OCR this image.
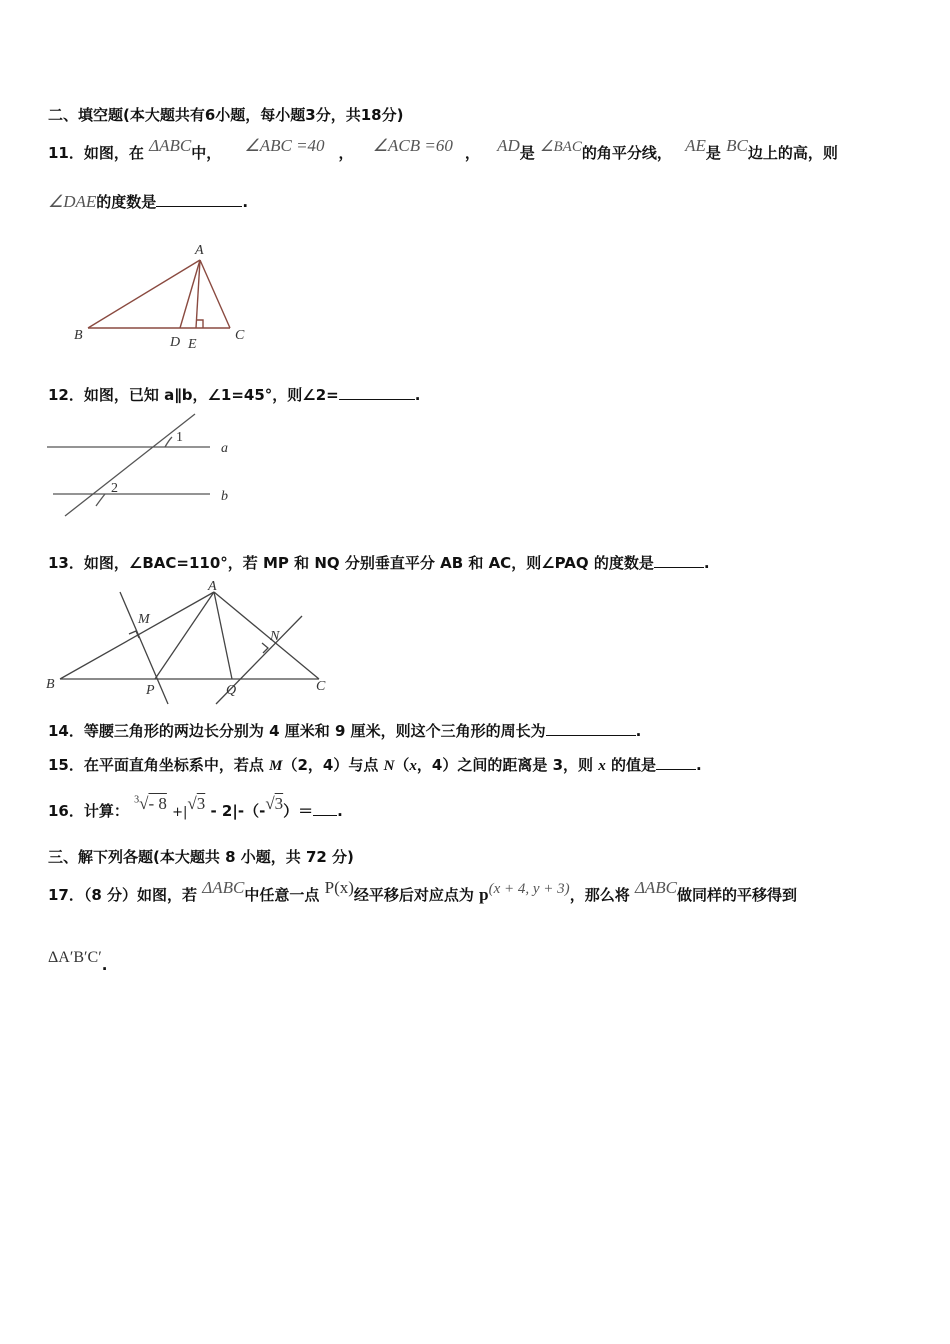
二、填空题(本大题共有6小题，每小题3分，共18分)
11．如图，在 ΔABC中， ∠ABC =40 ， ∠ACB =60 ， AD是 ∠BAC的角平分线， AE是 BC边上的高，则
∠DAE的度数是	.
A
B	C
D E
12．如图，已知 a∥b，∠1=45°，则∠2=	.
a
b
1
2
13．如图，∠BAC=110°，若 MP 和 NQ 分别垂直平分 AB 和 AC，则∠PAQ 的度数是	.
A
B	C
M
N
P	Q
14．等腰三角形的两边长分别为 4 厘米和 9 厘米，则这个三角形的周长为	.
15．在平面直角坐标系中，若点 M（2，4）与点 N（x，4）之间的距离是 3，则 x 的值是	.
16．计算： $^3$√- 8 +|√3 - 2|-（-√3）＝ .
三、解下列各题(本大题共 8 小题，共 72 分)
17．（8 分）如图，若 ΔABC中任意一点 P(x)经平移后对应点为 p(x + 4, y + 3)，那么将 ΔABC做同样的平移得到
ΔA′B′C′.
